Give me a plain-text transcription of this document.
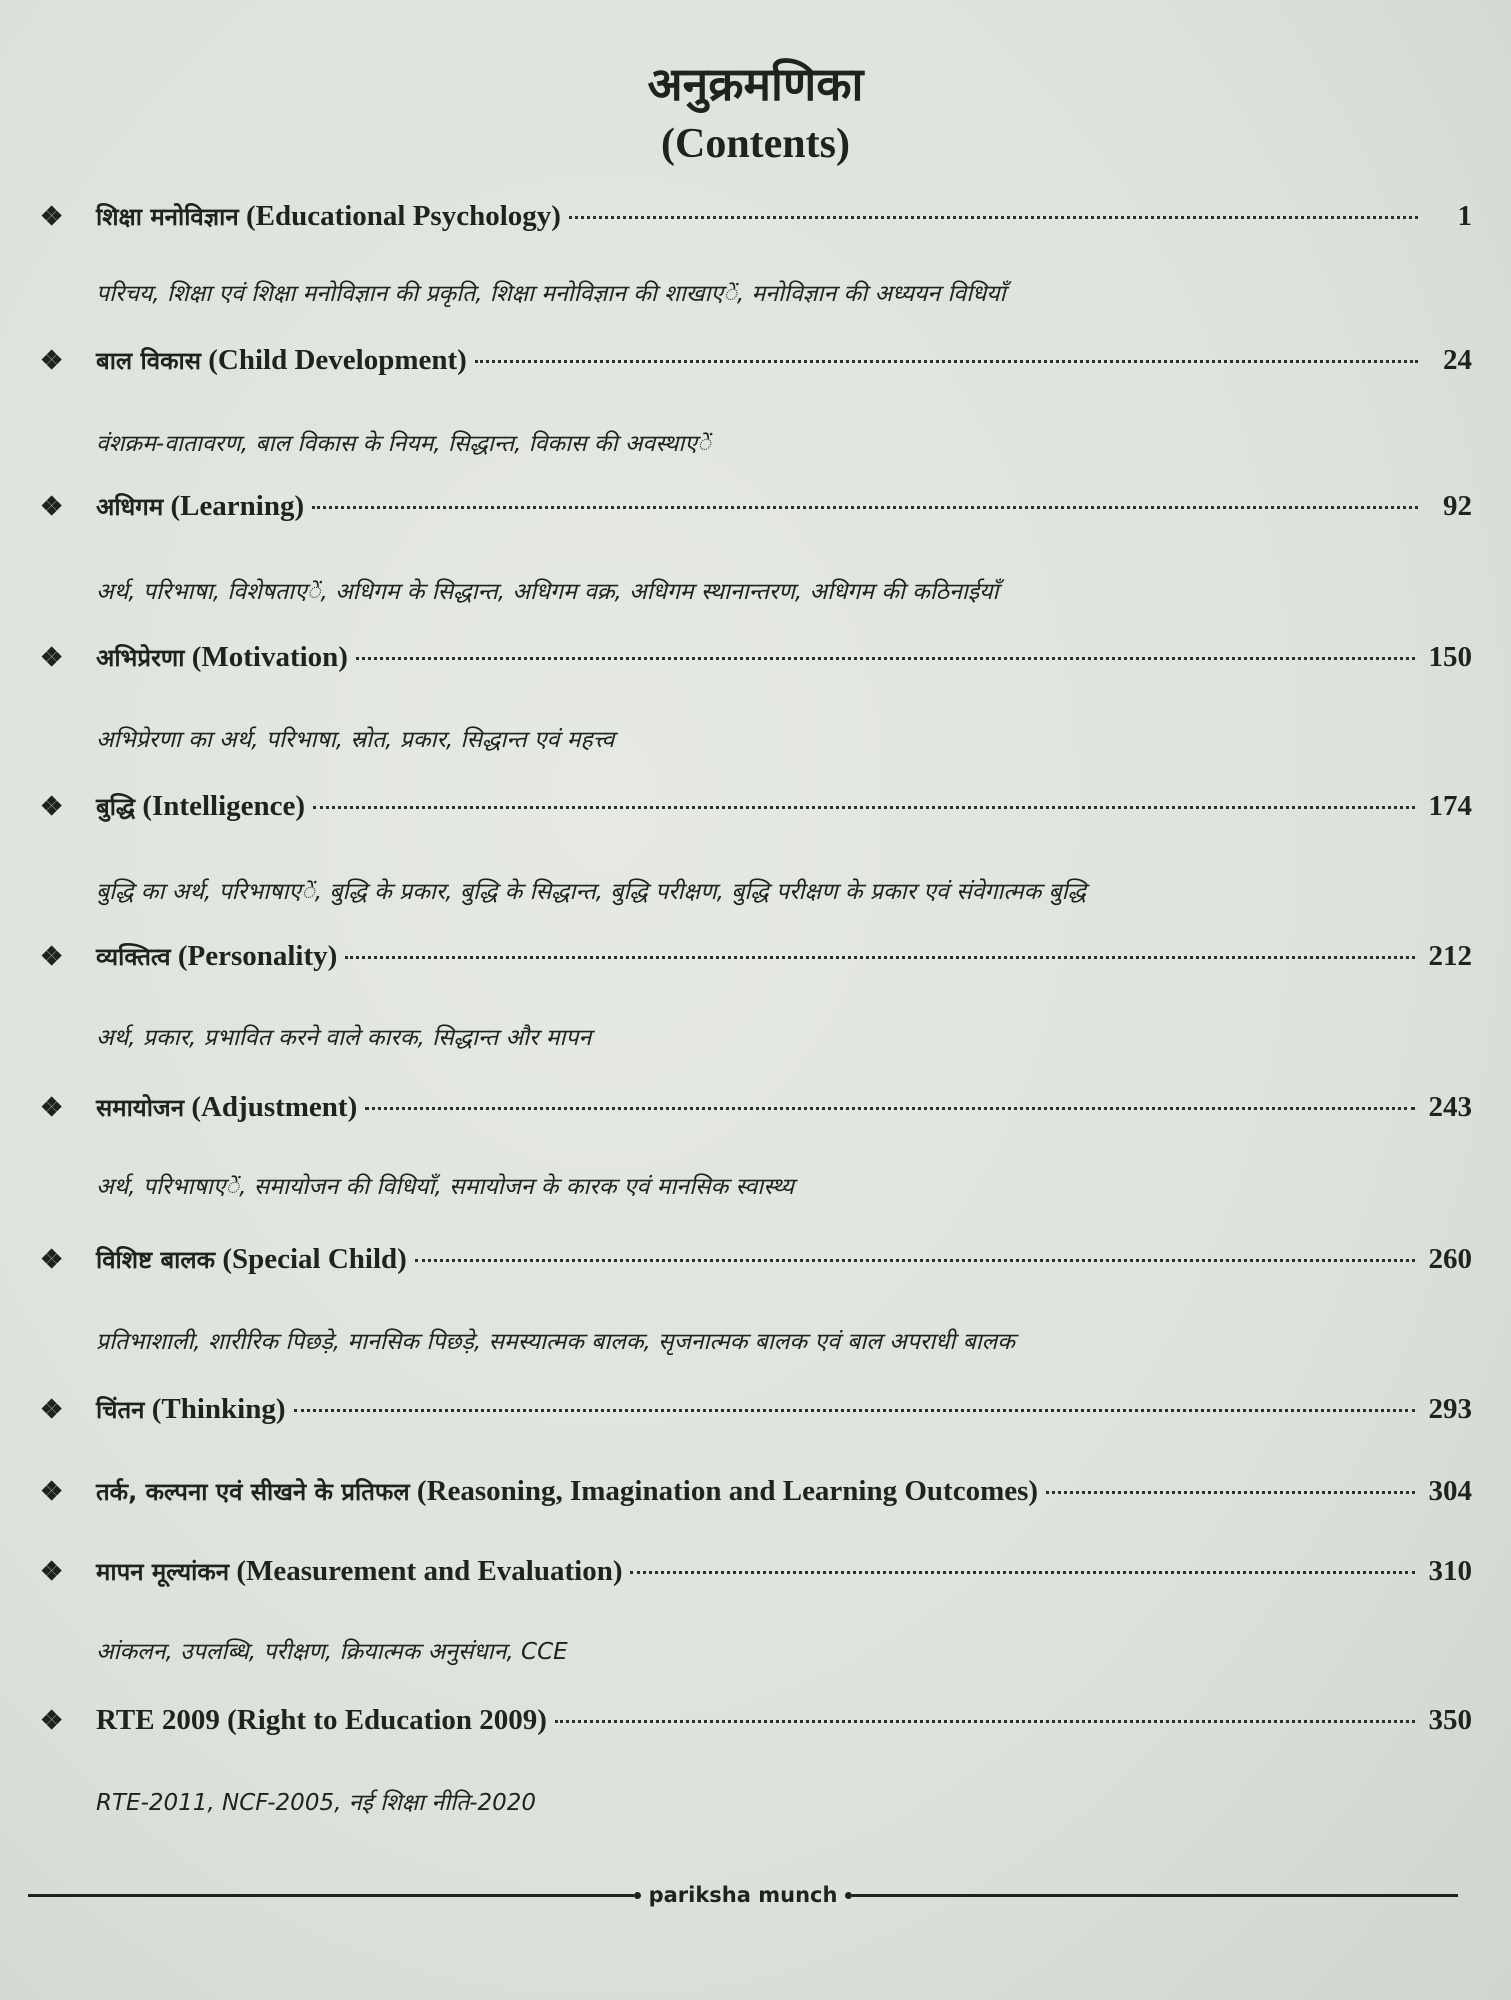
अनुक्रमणिका
(Contents)
❖	शिक्षा मनोविज्ञान (Educational Psychology)	1
परिचय, शिक्षा एवं शिक्षा मनोविज्ञान की प्रकृति, शिक्षा मनोविज्ञान की शाखाएें, मनोविज्ञान की अध्ययन विधियाँ
❖	बाल विकास (Child Development)	24
वंशक्रम-वातावरण, बाल विकास के नियम, सिद्धान्त, विकास की अवस्थाएें
❖	अधिगम (Learning)	92
अर्थ, परिभाषा, विशेषताएें, अधिगम के सिद्धान्त, अधिगम वक्र, अधिगम स्थानान्तरण, अधिगम की कठिनाईयाँ
❖	अभिप्रेरणा (Motivation)	150
अभिप्रेरणा का अर्थ, परिभाषा, स्रोत, प्रकार, सिद्धान्त एवं महत्त्व
❖	बुद्धि (Intelligence)	174
बुद्धि का अर्थ, परिभाषाएें, बुद्धि के प्रकार, बुद्धि के सिद्धान्त, बुद्धि परीक्षण, बुद्धि परीक्षण के प्रकार एवं संवेगात्मक बुद्धि
❖	व्यक्तित्व (Personality)	212
अर्थ, प्रकार, प्रभावित करने वाले कारक, सिद्धान्त और मापन
❖	समायोजन (Adjustment)	243
अर्थ, परिभाषाएें, समायोजन की विधियाँ, समायोजन के कारक एवं मानसिक स्वास्थ्य
❖	विशिष्ट बालक (Special Child)	260
प्रतिभाशाली, शारीरिक पिछड़े, मानसिक पिछड़े, समस्यात्मक बालक, सृजनात्मक बालक एवं बाल अपराधी बालक
❖	चिंतन (Thinking)	293
❖	तर्क, कल्पना एवं सीखने के प्रतिफल (Reasoning, Imagination and Learning Outcomes)	304
❖	मापन मूल्यांकन (Measurement and Evaluation)	310
आंकलन, उपलब्धि, परीक्षण, क्रियात्मक अनुसंधान, CCE
❖	RTE 2009 (Right to Education 2009)	350
RTE-2011, NCF-2005, नई शिक्षा नीति-2020
pariksha munch
